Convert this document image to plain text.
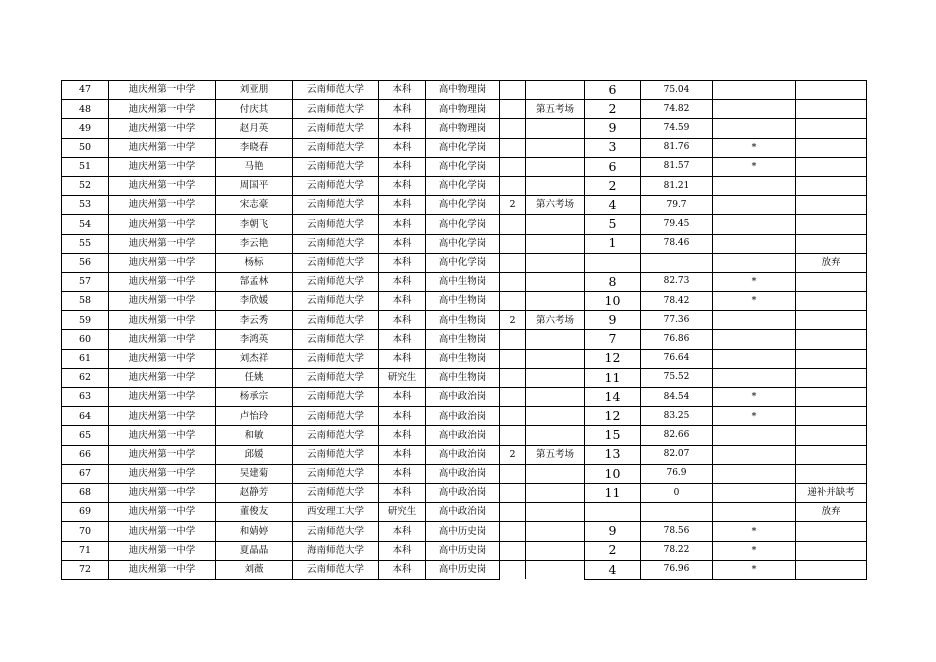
47	迪庆州第一中学	刘亚朋	云南师范大学	本科	高中物理岗			6	75.04		
48	迪庆州第一中学	付庆其	云南师范大学	本科	高中物理岗		第五考场	2	74.82		
49	迪庆州第一中学	赵月英	云南师范大学	本科	高中物理岗			9	74.59		
50	迪庆州第一中学	李晓春	云南师范大学	本科	高中化学岗			3	81.76	*	
51	迪庆州第一中学	马艳	云南师范大学	本科	高中化学岗			6	81.57	*	
52	迪庆州第一中学	周国平	云南师范大学	本科	高中化学岗			2	81.21		
53	迪庆州第一中学	宋志豪	云南师范大学	本科	高中化学岗	2	第六考场	4	79.7		
54	迪庆州第一中学	李朝飞	云南师范大学	本科	高中化学岗			5	79.45		
55	迪庆州第一中学	李云艳	云南师范大学	本科	高中化学岗			1	78.46		
56	迪庆州第一中学	杨标	云南师范大学	本科	高中化学岗						放弃
57	迪庆州第一中学	郜孟林	云南师范大学	本科	高中生物岗			8	82.73	*	
58	迪庆州第一中学	李欣媛	云南师范大学	本科	高中生物岗			10	78.42	*	
59	迪庆州第一中学	李云秀	云南师范大学	本科	高中生物岗	2	第六考场	9	77.36		
60	迪庆州第一中学	李鸿英	云南师范大学	本科	高中生物岗			7	76.86		
61	迪庆州第一中学	刘杰祥	云南师范大学	本科	高中生物岗			12	76.64		
62	迪庆州第一中学	任姚	云南师范大学	研究生	高中生物岗			11	75.52		
63	迪庆州第一中学	杨承宗	云南师范大学	本科	高中政治岗			14	84.54	*	
64	迪庆州第一中学	卢怡玲	云南师范大学	本科	高中政治岗			12	83.25	*	
65	迪庆州第一中学	和敏	云南师范大学	本科	高中政治岗			15	82.66		
66	迪庆州第一中学	邱媛	云南师范大学	本科	高中政治岗	2	第五考场	13	82.07		
67	迪庆州第一中学	吴建菊	云南师范大学	本科	高中政治岗			10	76.9		
68	迪庆州第一中学	赵静芳	云南师范大学	本科	高中政治岗			11	0		递补并缺考
69	迪庆州第一中学	董俊友	西安理工大学	研究生	高中政治岗						放弃
70	迪庆州第一中学	和婧婷	云南师范大学	本科	高中历史岗			9	78.56	*	
71	迪庆州第一中学	夏晶晶	海南师范大学	本科	高中历史岗			2	78.22	*	
72	迪庆州第一中学	刘薇	云南师范大学	本科	高中历史岗			4	76.96	*	
